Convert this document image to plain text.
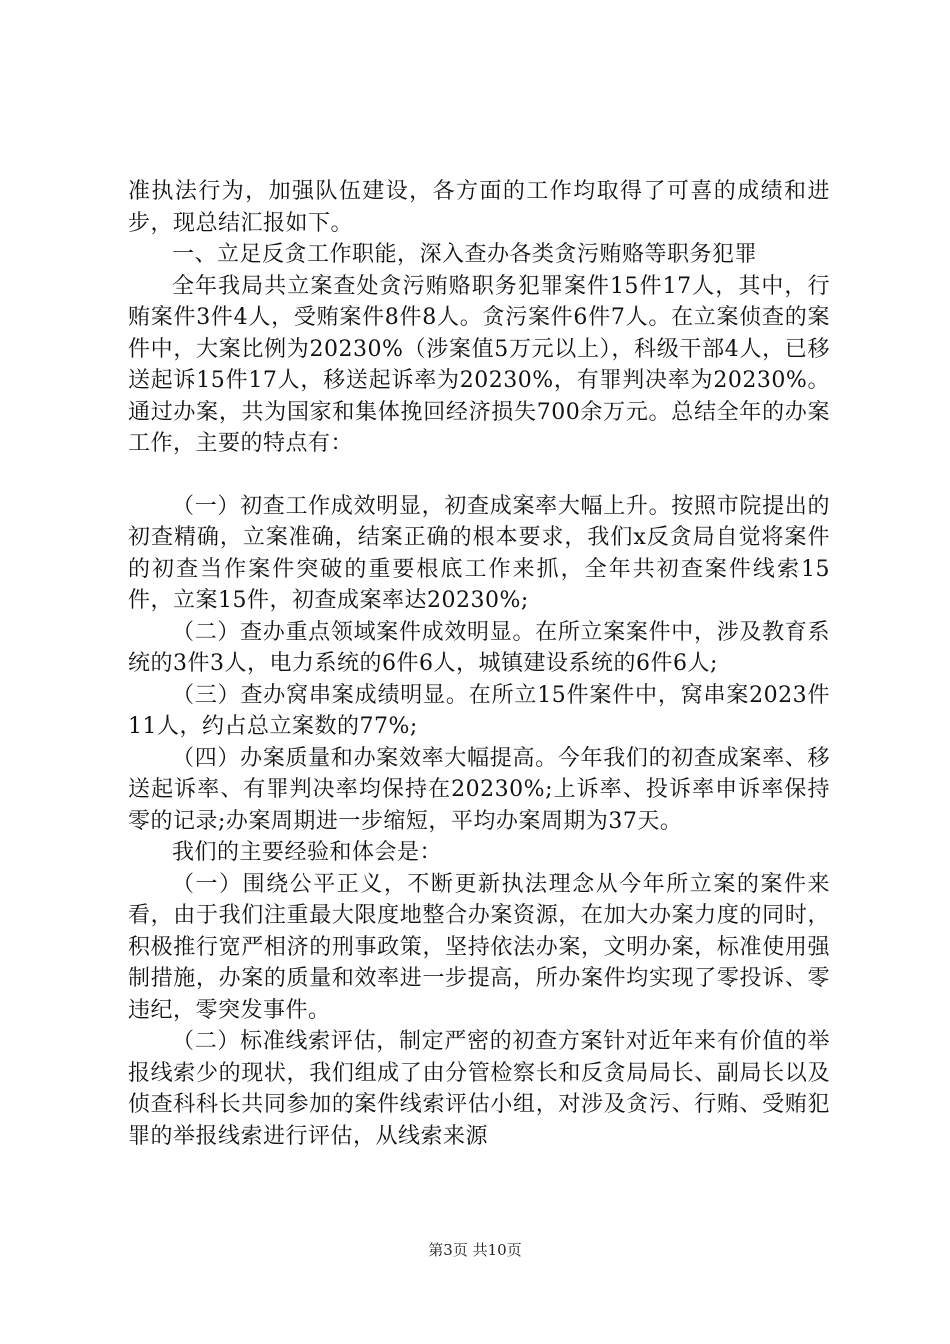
准执法行为，加强队伍建设，各方面的工作均取得了可喜的成绩和进步，现总结汇报如下。

一、立足反贪工作职能，深入查办各类贪污贿赂等职务犯罪

全年我局共立案查处贪污贿赂职务犯罪案件15件17人，其中，行贿案件3件4人，受贿案件8件8人。贪污案件6件7人。在立案侦查的案件中，大案比例为20230%（涉案值5万元以上），科级干部4人，已移送起诉15件17人，移送起诉率为20230%，有罪判决率为20230%。通过办案，共为国家和集体挽回经济损失700余万元。总结全年的办案工作，主要的特点有：

（一）初查工作成效明显，初查成案率大幅上升。按照市院提出的初查精确，立案准确，结案正确的根本要求，我们x反贪局自觉将案件的初查当作案件突破的重要根底工作来抓，全年共初查案件线索15件，立案15件，初查成案率达20230%;

（二）查办重点领域案件成效明显。在所立案案件中，涉及教育系统的3件3人，电力系统的6件6人，城镇建设系统的6件6人;

（三）查办窝串案成绩明显。在所立15件案件中，窝串案2023件11人，约占总立案数的77%;

（四）办案质量和办案效率大幅提高。今年我们的初查成案率、移送起诉率、有罪判决率均保持在20230%;上诉率、投诉率申诉率保持零的记录;办案周期进一步缩短，平均办案周期为37天。

我们的主要经验和体会是：

（一）围绕公平正义，不断更新执法理念从今年所立案的案件来看，由于我们注重最大限度地整合办案资源，在加大办案力度的同时，积极推行宽严相济的刑事政策，坚持依法办案，文明办案，标准使用强制措施，办案的质量和效率进一步提高，所办案件均实现了零投诉、零违纪，零突发事件。

（二）标准线索评估，制定严密的初查方案针对近年来有价值的举报线索少的现状，我们组成了由分管检察长和反贪局局长、副局长以及侦查科科长共同参加的案件线索评估小组，对涉及贪污、行贿、受贿犯罪的举报线索进行评估，从线索来源

第3页 共10页
